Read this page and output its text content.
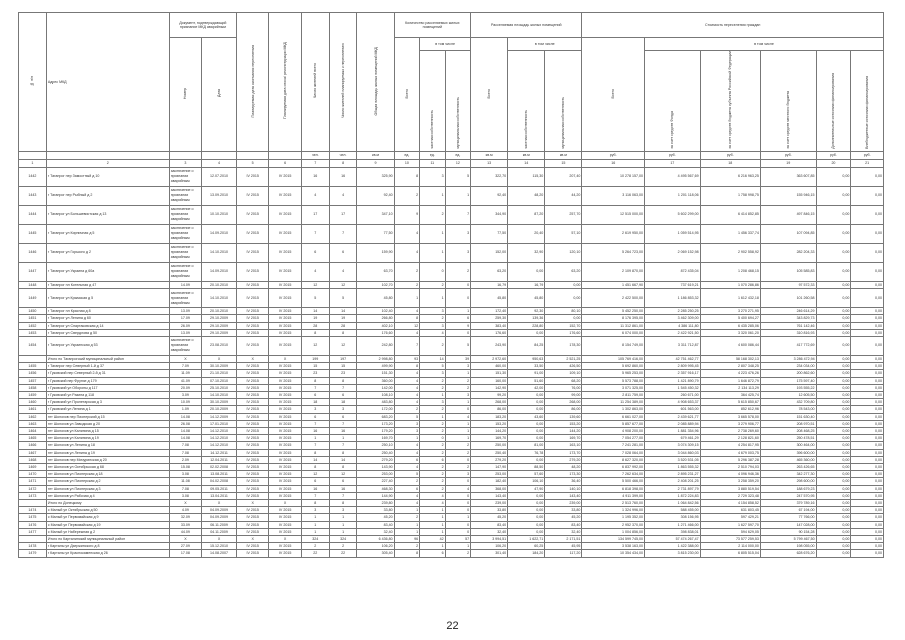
№ п/п	Адрес МКД	Документ, подтверждающий признание МКД аварийным		Планируемая дата окончания переселения	Планируемая дата сноса/ реконструкции МКД	Число жителей всего	Число жителей планируемых к переселению	Общая площадь жилых помещений МКД	Количество расселяемых жилых помещений			Расселяемая площадь жилых помещений			Стоимость переселения граждан					
		Номер	Дата						Всего	в том числе		Всего	в том числе		Всего	в том числе				
										частная собственность	муниципальная собственность		частная собственность	муниципальная собственность		за счет средств Фонда	за счет средств бюджета субъекта Российской Федерации	за счет средств местного бюджета	Дополнительные источники финансирования	Внебюджетные источники финансирования
						чел.	чел.	кв.м	ед.	ед.	ед.	кв.м	кв.м	кв.м	руб.	руб.	руб.	руб.	руб.	руб.
1	2	3	4	5	6	7	8	9	10	11	12	13	14	15	16	17	18	19	20	21
1442	г Таганрог пер Замостный д 10	заключение о признании аварийным	12.07.2010	IV 2015	IV 2015	16	16	325,90	8	3	5	322,70	115,30	207,40	10 278 157,00	4 495 567,69	6 216 963,25	363 607,85	0,00	0,00
1443	г Таганрог пер Рыбный д 2	заключение о признании аварийным	13.09.2010	IV 2015	IV 2015	4	4	92,40	2	1	1	92,40	48,20	44,20	3 116 063,00	1 201 118,06	1 758 998,75	155 946,15	0,00	0,00
1444	г Таганрог ул Большевистская д 13	заключение о признании аварийным	10.10.2010	IV 2015	IV 2015	17	17	347,10	9	2	7	344,90	87,20	257,70	12 515 000,00	5 602 299,00	6 414 852,85	497 846,15	0,00	0,00
1445	г Таганрог ул Кирпичная д 5	заключение о признании аварийным	14.09.2010	IV 2015	IV 2015	7	7	77,50	4	1	3	77,50	20,40	57,10	2 619 950,00	1 059 514,95	1 456 337,74	107 094,85	0,00	0,00
1446	г Таганрог ул Горького д 2	заключение о признании аварийным	14.10.2010	IV 2015	IV 2015	6	6	159,90	4	1	3	152,00	32,90	120,10	5 264 723,00	2 069 152,98	2 902 558,92	282 204,33	0,00	0,00
1447	г Таганрог ул Украина д 60а	заключение о признании аварийным	14.09.2010	IV 2015	IV 2015	4	4	63,70	2	0	2	63,20	0,00	63,20	2 109 870,00	872 435,04	1 208 468,15	105 585,83	0,00	0,00
1448	г Таганрог пл Котельная д 47	14.09	20.10.2010	IV 2015	IV 2015	12	12	102,70	2	2	0	16,79	16,79	0,00	1 451 667,90	737 619,21	1 070 286,86	97 572,33	0,00	0,00
1449	г Таганрог ул Крымская д 5	заключение о признании аварийным	14.10.2010	IV 2015	IV 2015	5	5	45,80	1	1	0	45,80	45,80	0,00	2 422 500,00	1 186 853,32	1 612 432,18	101 260,58	0,00	0,00
1450	г Таганрог пл Красная д 8	13.09	20.10.2010	IV 2015	IV 2015	14	14	102,40	4	3	1	172,40	92,30	80,10	5 452 250,00	2 285 250,25	3 270 271,95	246 614,29	0,00	0,00
1451	г Таганрог ул Ленина д 60	17.09	29.10.2009	IV 2015	IV 2015	19	19	266,80	8	2	6	259,30	139,36	0,00	8 176 395,00	3 462 309,00	5 400 694,27	343 829,73	0,00	0,00
1452	г Таганрог ул Спартаковская д 14	26.09	29.10.2009	IV 2015	IV 2015	28	28	402,10	12	3	9	383,40	228,80	152,70	11 312 861,00	4 386 111,80	6 435 285,06	761 142,46	0,00	0,00
1453	г Таганрог ул Свердлова д 50	13.09	29.10.2009	IV 2015	IV 2015	8	8	176,60	4	4	0	176,60	0,00	176,60	6 074 000,00	2 422 921,50	3 320 061,20	310 816,93	0,00	0,00
1454	г Таганрог ул Украинская д 53	заключение о признании аварийным	23.08.2010	IV 2015	IV 2015	12	12	242,80	7	2	5	243,90	84,25	178,30	8 154 749,00	3 311 712,87	4 600 086,44	417 772,69	0,00	0,00
	Итого по Таганрогский муниципальный район	X	X	X	X	199	197	2 998,80	93	14	39	2 972,60	950,63	2 521,25	105 769 416,00	42 751 462,77	58 168 302,13	3 286 472,94	0,00	0,00
1455	г Таганрог пер Северный 1-й д 37	7.09	30.10.2009	IV 2015	IV 2015	15	15	499,90	8	5	3	460,00	33,50	426,50	5 692 860,00	2 809 995,45	2 807 348,25	234 034,00	0,00	0,00
1456	г Гуковский пер Северный 2-й д 31	11.09	21.10.2010	IV 2015	IV 2015	23	23	151,30	4	3	1	151,30	91,00	109,10	5 965 253,00	2 357 916,17	4 223 476,26	200 862,60	0,00	0,00
1457	г Гуковский пер Фрунзе д 179	41.09	07.10.2010	IV 2015	IV 2015	8	8	360,00	4	2	2	160,00	51,60	68,20	5 573 788,00	1 421 890,79	1 646 872,79	175 597,40	0,00	0,00
1458	г Гуковский ул Обороны д 117	20.09	25.10.2010	IV 2015	IV 2015	7	7	142,00	4	2	2	142,90	42,00	76,00	3 071 325,00	1 545 450,32	2 134 113,29	193 555,22	0,00	0,00
1459	г Гуковский ул Разина д 118	3.09	14.10.2010	IV 2015	IV 2015	6	6	108,10	4	1	3	99,20	0,00	99,00	2 811 759,00	260 671,00	364 425,74	12 605,50	0,00	0,00
1460	г Гуковский ул Пролетарская д 3	10.09	30.10.2009	IV 2015	IV 2015	18	18	483,80	4	3	1	268,00	0,00	268,00	11 254 389,00	4 908 653,37	5 615 850,67	432 709,80	0,00	0,00
1461	г Гуковский ул Ленина д 1	1.09	20.10.2009	IV 2015	IV 2015	3	3	172,00	2	2	0	86,00	0,00	86,00	1 302 863,00	601 563,00	852 612,96	78 543,00	0,00	0,00
1462	пгт Шолохов пер Пионерский д 15	14.08	14.12.2009	IV 2015	IV 2015	6	6	683,20	5	1	4	183,20	43,60	139,60	6 661 027,00	2 439 621,77	3 665 578,00	151 630,40	0,00	0,00
1463	пгт Шолохов ул Заводская д 20	26.08	17.01.2010	IV 2015	IV 2015	7	7	173,20	3	2	1	153,20	0,00	153,20	5 857 677,00	2 085 889,94	3 279 906,77	208 970,51	0,00	0,00
1464	пгт Шолохов ул Калинина д 15	14.08	14.12.2010	IV 2015	IV 2015	16	16	179,20	3	2	1	144,20	0,00	144,20	4 908 200,00	1 881 354,96	2 738 269,60	208 468,25	0,00	0,00
1465	пгт Шолохов ул Калинина д 19	14.08	14.12.2010	IV 2015	IV 2015	1	1	169,70	1	0	1	169,70	0,00	169,70	7 054 277,00	679 461,29	2 128 821,60	250 478,51	0,00	0,00
1466	пгт Шолохов ул Ленина д 18	7.08	14.12.2010	IV 2015	IV 2015	7	7	250,10	4	2	2	250,00	81,00	163,10	7 241 281,00	3 074 309,15	4 254 817,95	300 464,00	0,00	0,00
1467	пгт Шолохов ул Ленина д 19	7.08	14.12.2011	IV 2015	IV 2015	8	8	250,40	4	2	2	250,40	76,78	173,70	7 028 064,00	3 044 860,03	4 679 003,75	396 600,00	0,00	0,00
1468	пгт Шолохов пер Мичуринская д 20	2.09	12.04.2011	IV 2015	IV 2015	14	14	279,20	6	6	0	279,20	0,00	279,20	8 627 320,00	3 520 531,05	5 296 387,28	465 360,00	0,00	0,00
1469	пгт Шолохов ул Октябрьская д 68	15.08	02.02.2008	IV 2015	IV 2015	8	8	143,90	4	2	2	147,90	88,50	48,20	6 837 992,00	1 863 555,32	2 510 794,03	263 426,65	0,00	0,00
1470	пгт Шолохов ул Пионерская д 18	3.08	13.08.2011	IV 2015	IV 2015	12	12	253,00	5	2	3	253,00	57,60	173,30	7 262 634,00	2 895 231,27	4 096 946,36	342 277,30	0,00	0,00
1471	пгт Шолохов ул Пионерская д 2	11.08	04.02.2008	IV 2015	IV 2015	6	6	227,40	2	2	0	182,40	106,10	36,40	5 500 466,00	2 408 201,25	3 258 359,20	298 600,00	0,00	0,00
1472	пгт Шолохов ул Пионерская д 3	7.08	09.05.2011	IV 2015	IV 2015	16	16	468,30	6	2	4	368,00	47,90	140,10	6 818 398,00	2 731 897,79	3 880 519,54	188 679,23	0,00	0,00
1473	пгт Шолохов ул Рабочая д 4	3.08	13.04.2011	IV 2015	IV 2015	7	7	144,90	4	4	0	143,40	0,00	143,40	4 911 399,00	1 872 224,83	2 729 323,48	247 570,95	0,00	0,00
	Итого по Донецкому	X	X	X	X	8	8	239,80	4	4	0	239,00	0,00	239,00	2 513 760,00	1 064 842,56	4 154 858,52	379 789,16	0,00	0,00
1474	с Малый ул Октябрьская д 50	4.09	04.09.2009	IV 2015	IV 2015	3	3	33,80	1	1	0	33,80	0,00	33,80	1 324 996,00	588 455,00	631 803,45	67 194,00	0,00	0,00
1475	с Малый ул Первомайская д 9	32.09	04.09.2009	IV 2015	IV 2015	1	1	45,20	2	1	1	45,20	0,00	45,20	1 195 352,00	308 156,95	597 429,21	77 766,00	0,00	0,00
1476	с Малый ул Первомайская д 19	33.09	06.11.2009	IV 2015	IV 2015	1	1	83,40	1	1	0	83,40	0,00	83,40	2 952 370,00	1 271 466,00	1 627 597,70	147 028,00	0,00	0,00
1477	с Малый ул Набережная д 2	44.09	04.11.2009	IV 2015	IV 2015	1	1	32,40	1	1	0	32,40	0,00	32,40	1 004 856,00	398 838,01	594 629,05	90 154,28	0,00	0,00
	Итого по Карталинский муниципальный район	X	X	X	X	324	324	6 436,80	96	42	57	3 994,51	1 622,71	2 171,51	134 599 745,00	57 474 267,47	73 577 259,53	5 799 467,50	0,00	0,00
1478	г Карталы ул Дзержинского д 8	27.09	15.12.2010	IV 2015	IV 2015	2	2	106,20	2	1	1	106,20	60,25	45,95	3 538 163,00	1 422 388,00	2 114 000,00	198 055,00	0,00	0,00
1479	г Карталы ул Краснокаменская д 26	17.08	14.08.2007	IV 2015	IV 2015	22	22	305,40	8	6	2	301,40	184,20	117,20	10 354 434,00	3 815 230,00	6 805 515,04	628 676,20	0,00	0,00
22
